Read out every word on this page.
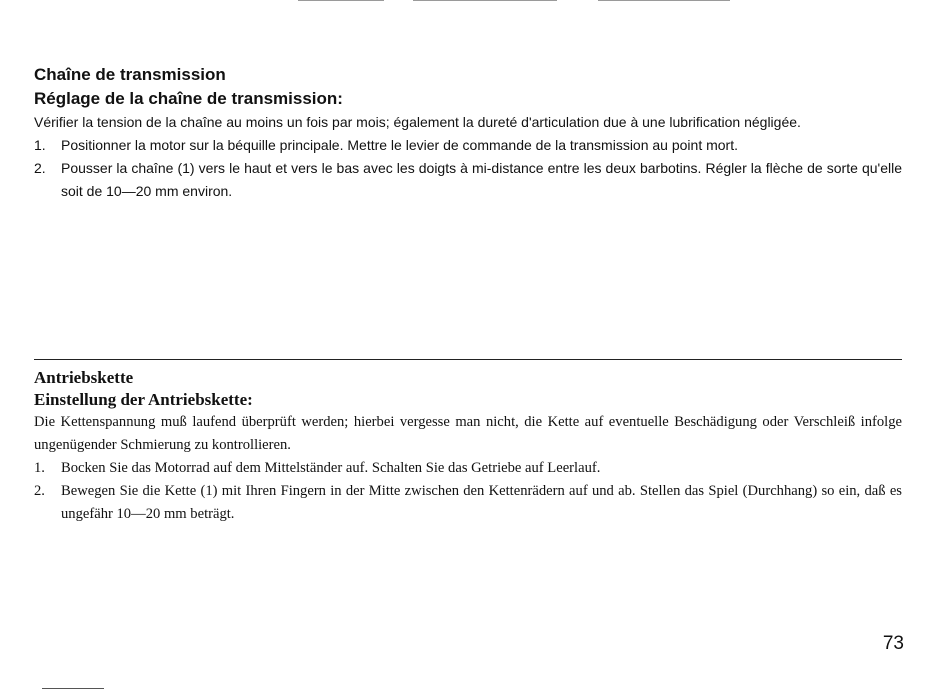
Chaîne de transmission
Réglage de la chaîne de transmission:

Vérifier la tension de la chaîne au moins un fois par mois; également la dureté d'articulation due à une lubrification négligée.

1.	Positionner la motor sur la béquille principale. Mettre le levier de commande de la transmission au point mort.
2.	Pousser la chaîne (1) vers le haut et vers le bas avec les doigts à mi-distance entre les deux barbotins. Régler la flèche de sorte qu'elle soit de 10—20 mm environ.
Antriebskette
Einstellung der Antriebskette:

Die Kettenspannung muß laufend überprüft werden; hierbei vergesse man nicht, die Kette auf eventuelle Beschädigung oder Verschleiß infolge ungenügender Schmierung zu kontrollieren.

1.	Bocken Sie das Motorrad auf dem Mittelständer auf. Schalten Sie das Getriebe auf Leerlauf.
2.	Bewegen Sie die Kette (1) mit Ihren Fingern in der Mitte zwischen den Kettenrädern auf und ab. Stellen das Spiel (Durchhang) so ein, daß es ungefähr 10—20 mm beträgt.
73
